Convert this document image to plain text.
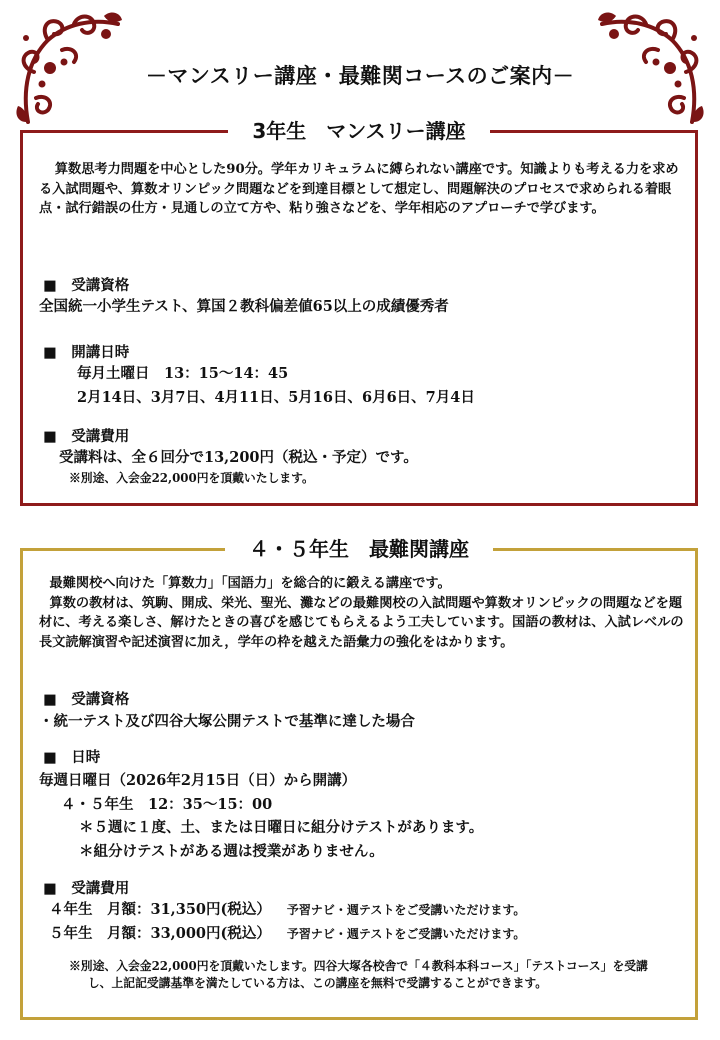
－マンスリー講座・最難関コースのご案内－
3年生　マンスリー講座
算数思考力問題を中心とした90分。学年カリキュラムに縛られない講座です。知識よりも考える力を求める入試問題や、算数オリンピック問題などを到達目標として想定し、問題解決のプロセスで求められる着眼点・試行錯誤の仕方・見通しの立て方や、粘り強さなどを、学年相応のアプローチで学びます。
■　受講資格
全国統一小学生テスト、算国２教科偏差値65以上の成績優秀者
■　開講日時
毎月土曜日　13：15～14：45
2月14日、3月7日、4月11日、5月16日、6月6日、7月4日
■　受講費用
受講料は、全６回分で13,200円（税込・予定）です。
※別途、入会金22,000円を頂戴いたします。
４・５年生　最難関講座

最難関校へ向けた「算数力」「国語力」を総合的に鍛える講座です。

算数の教材は、筑駒、開成、栄光、聖光、灘などの最難関校の入試問題や算数オリンピックの問題などを題材に、考える楽しさ、解けたときの喜びを感じてもらえるよう工夫しています。国語の教材は、入試レベルの長文読解演習や記述演習に加え，学年の枠を越えた語彙力の強化をはかります。

■　受講資格
・統一テスト及び四谷大塚公開テストで基準に達した場合
■　日時
毎週日曜日（2026年2月15日（日）から開講）
４・５年生　12：35～15：00
＊５週に１度、土、または日曜日に組分けテストがあります。
＊組分けテストがある週は授業がありません。
■　受講費用
４年生　月額：31,350円(税込） 予習ナビ・週テストをご受講いただけます。
５年生　月額：33,000円(税込） 予習ナビ・週テストをご受講いただけます。

※別途、入会金22,000円を頂戴いたします。四谷大塚各校舎で「４教科本科コース」「テストコース」を受講し、上記記受講基準を満たしている方は、この講座を無料で受講することができます。
